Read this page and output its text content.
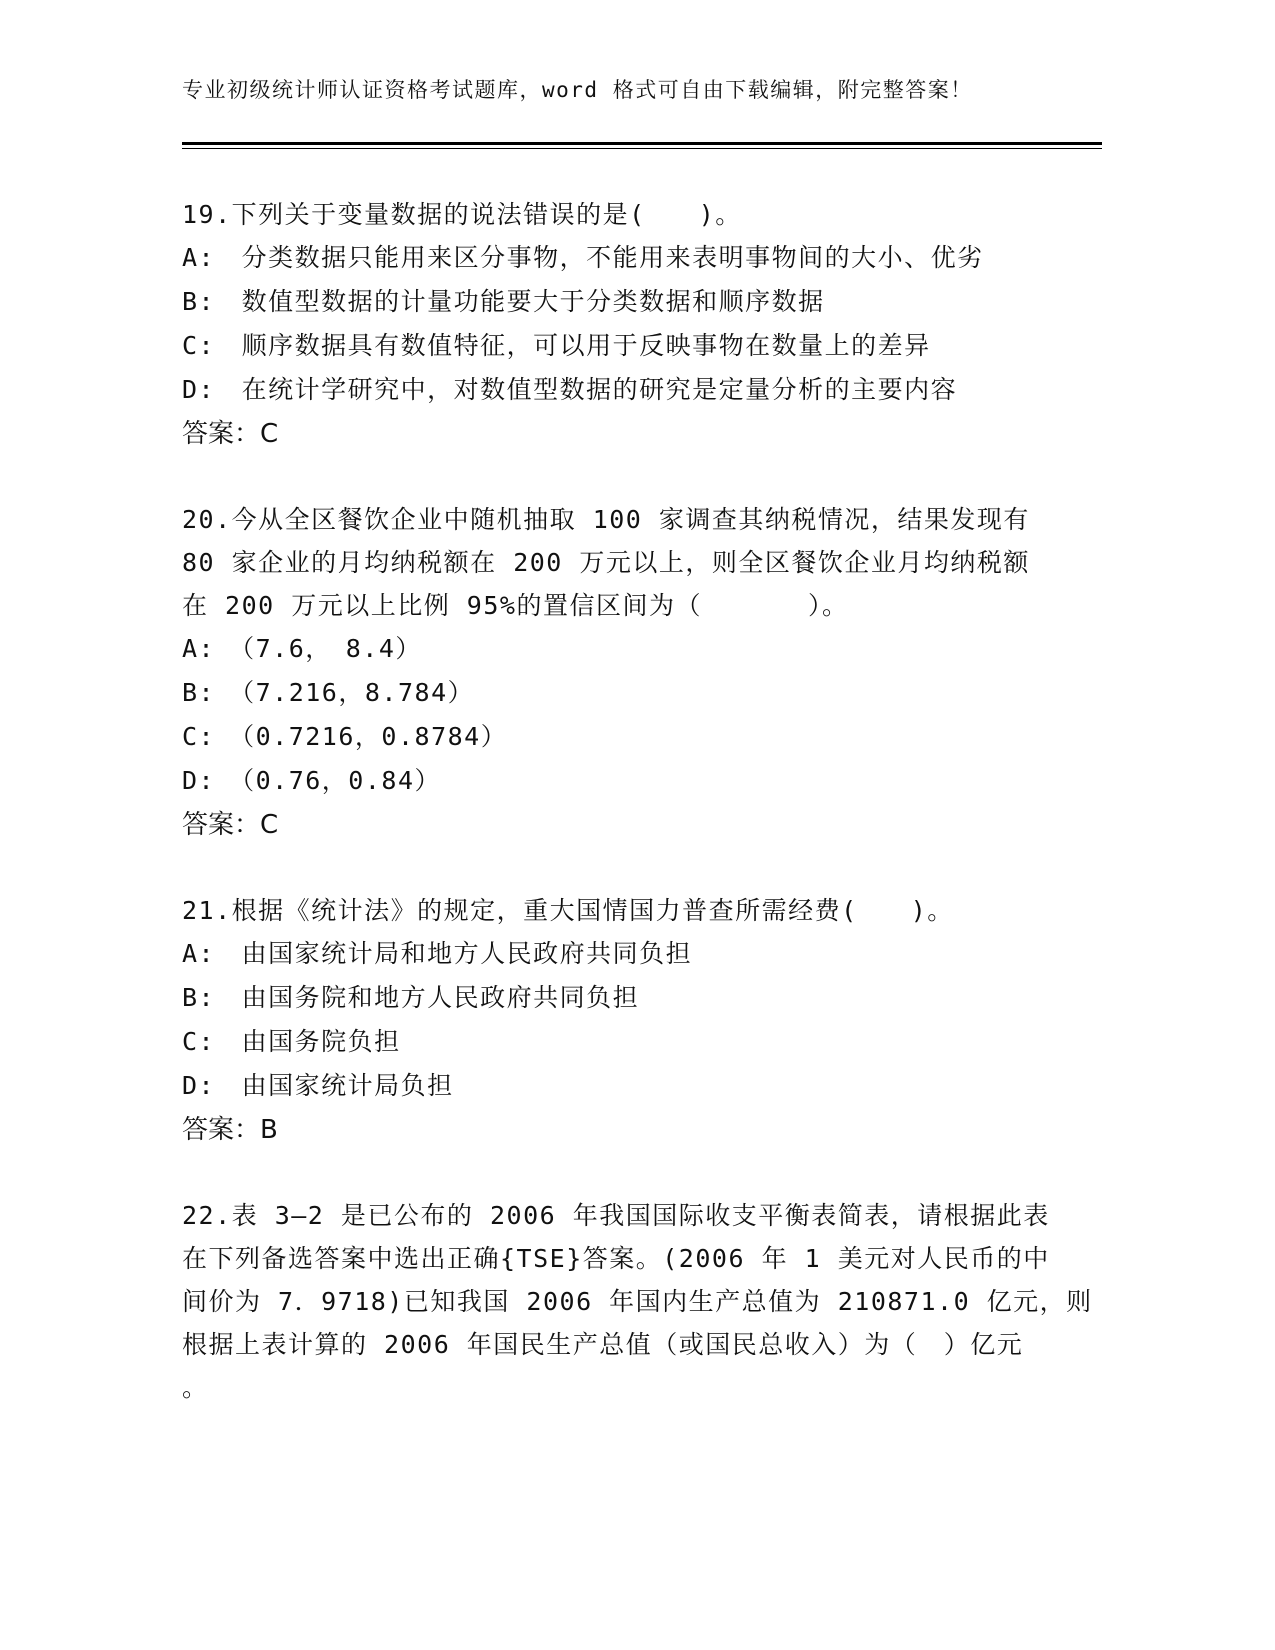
专业初级统计师认证资格考试题库，word 格式可自由下载编辑，附完整答案！

19.下列关于变量数据的说法错误的是(　　)。

A:　分类数据只能用来区分事物，不能用来表明事物间的大小、优劣

B:　数值型数据的计量功能要大于分类数据和顺序数据

C:　顺序数据具有数值特征，可以用于反映事物在数量上的差异

D:　在统计学研究中，对数值型数据的研究是定量分析的主要内容

答案：C

20.今从全区餐饮企业中随机抽取 100 家调查其纳税情况，结果发现有

80 家企业的月均纳税额在 200 万元以上，则全区餐饮企业月均纳税额

在 200 万元以上比例 95%的置信区间为（　　　　）。

A:　（7.6，　8.4）

B:　（7.216，8.784）

C:　（0.7216，0.8784）

D:　（0.76，0.84）

答案：C

21.根据《统计法》的规定，重大国情国力普查所需经费(　　)。

A:　由国家统计局和地方人民政府共同负担

B:　由国务院和地方人民政府共同负担

C:　由国务院负担

D:　由国家统计局负担

答案：B

22.表 3—2 是已公布的 2006 年我国国际收支平衡表简表，请根据此表

在下列备选答案中选出正确{TSE}答案。(2006 年 1 美元对人民币的中

间价为 7．9718)已知我国 2006 年国内生产总值为 210871.0 亿元，则

根据上表计算的 2006 年国民生产总值（或国民总收入）为（　）亿元

。
